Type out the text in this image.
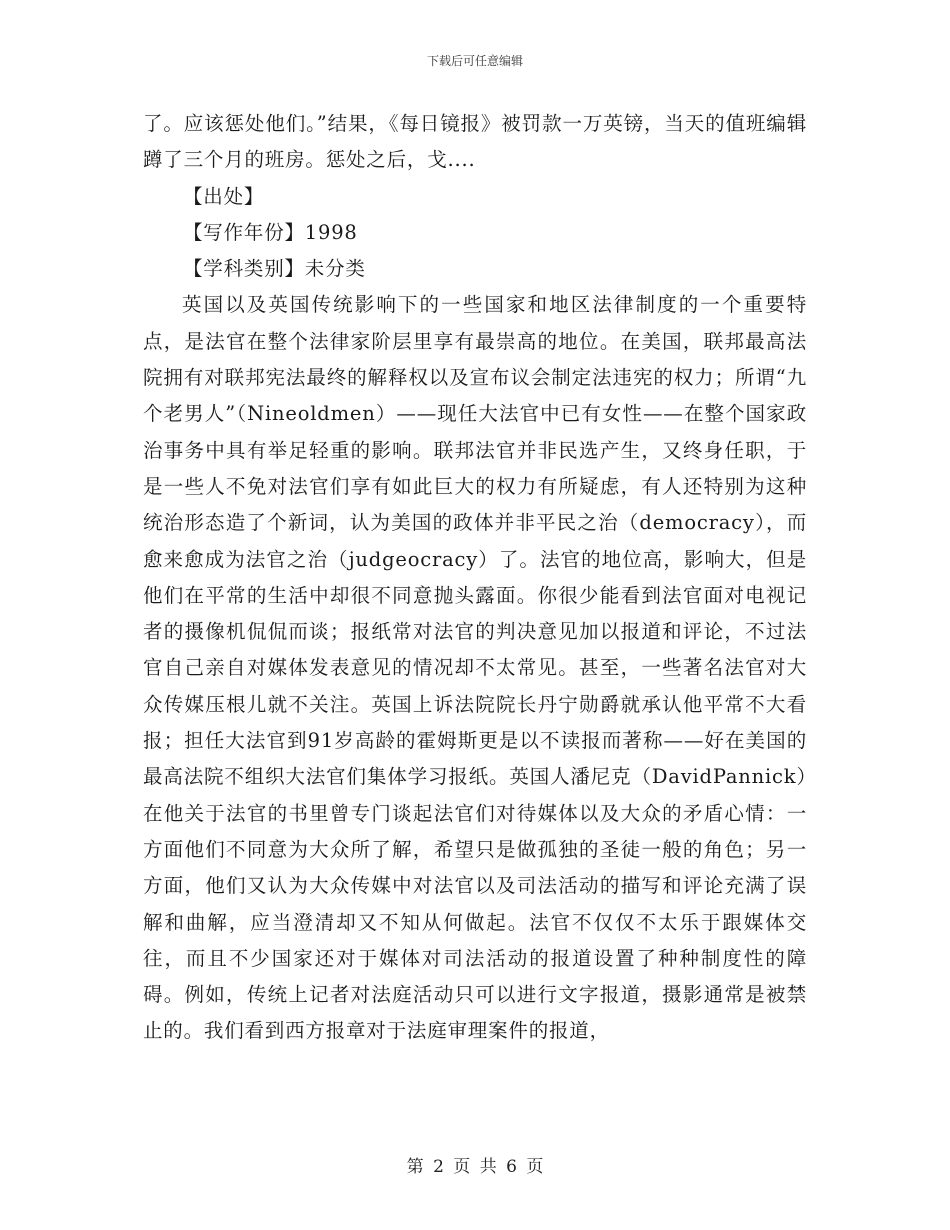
下载后可任意编辑

了。应该惩处他们。”结果，《每日镜报》被罚款一万英镑，当天的值班编辑蹲了三个月的班房。惩处之后，戈....

【出处】

【写作年份】1998

【学科类别】未分类

英国以及英国传统影响下的一些国家和地区法律制度的一个重要特点，是法官在整个法律家阶层里享有最崇高的地位。在美国，联邦最高法院拥有对联邦宪法最终的解释权以及宣布议会制定法违宪的权力；所谓“九个老男人”（Nineoldmen）——现任大法官中已有女性——在整个国家政治事务中具有举足轻重的影响。联邦法官并非民选产生，又终身任职，于是一些人不免对法官们享有如此巨大的权力有所疑虑，有人还特别为这种统治形态造了个新词，认为美国的政体并非平民之治（democracy），而愈来愈成为法官之治（judgeocracy）了。法官的地位高，影响大，但是他们在平常的生活中却很不同意抛头露面。你很少能看到法官面对电视记者的摄像机侃侃而谈；报纸常对法官的判决意见加以报道和评论，不过法官自己亲自对媒体发表意见的情况却不太常见。甚至，一些著名法官对大众传媒压根儿就不关注。英国上诉法院院长丹宁勋爵就承认他平常不大看报；担任大法官到91岁高龄的霍姆斯更是以不读报而著称——好在美国的最高法院不组织大法官们集体学习报纸。英国人潘尼克（DavidPannick）在他关于法官的书里曾专门谈起法官们对待媒体以及大众的矛盾心情：一方面他们不同意为大众所了解，希望只是做孤独的圣徒一般的角色；另一方面，他们又认为大众传媒中对法官以及司法活动的描写和评论充满了误解和曲解，应当澄清却又不知从何做起。法官不仅仅不太乐于跟媒体交往，而且不少国家还对于媒体对司法活动的报道设置了种种制度性的障碍。例如，传统上记者对法庭活动只可以进行文字报道，摄影通常是被禁止的。我们看到西方报章对于法庭审理案件的报道，

第 2 页 共 6 页
